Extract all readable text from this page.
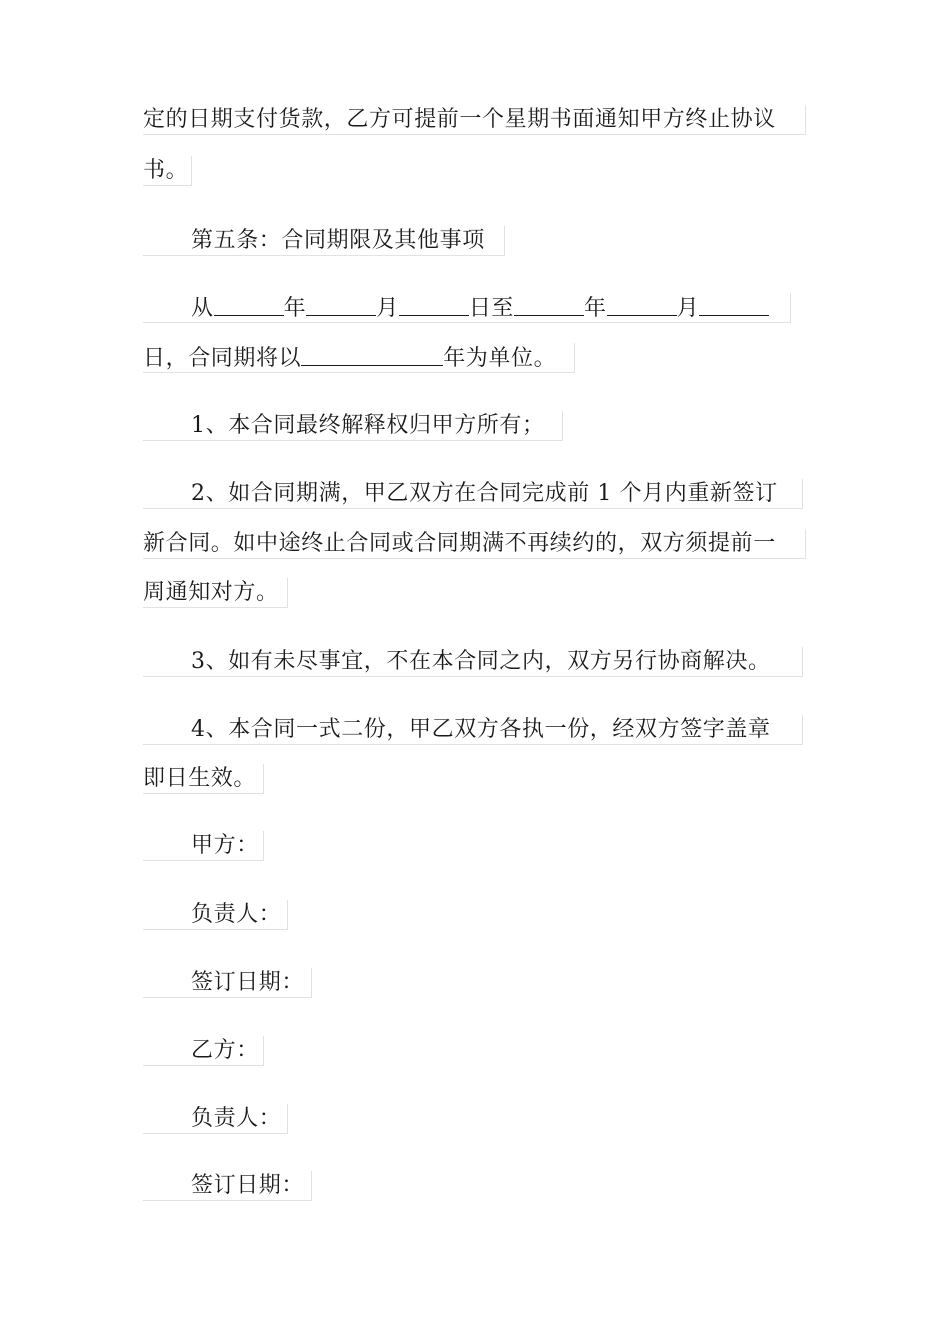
定的日期支付货款，乙方可提前一个星期书面通知甲方终止协议
书。
第五条：合同期限及其他事项
从	年	月	日至	年	月
日，合同期将以	年为单位。
1、本合同最终解释权归甲方所有；
2、如合同期满，甲乙双方在合同完成前 1 个月内重新签订
新合同。如中途终止合同或合同期满不再续约的，双方须提前一
周通知对方。
3、如有未尽事宜，不在本合同之内，双方另行协商解决。
4、本合同一式二份，甲乙双方各执一份，经双方签字盖章
即日生效。
甲方：
负责人：
签订日期：
乙方：
负责人：
签订日期：
